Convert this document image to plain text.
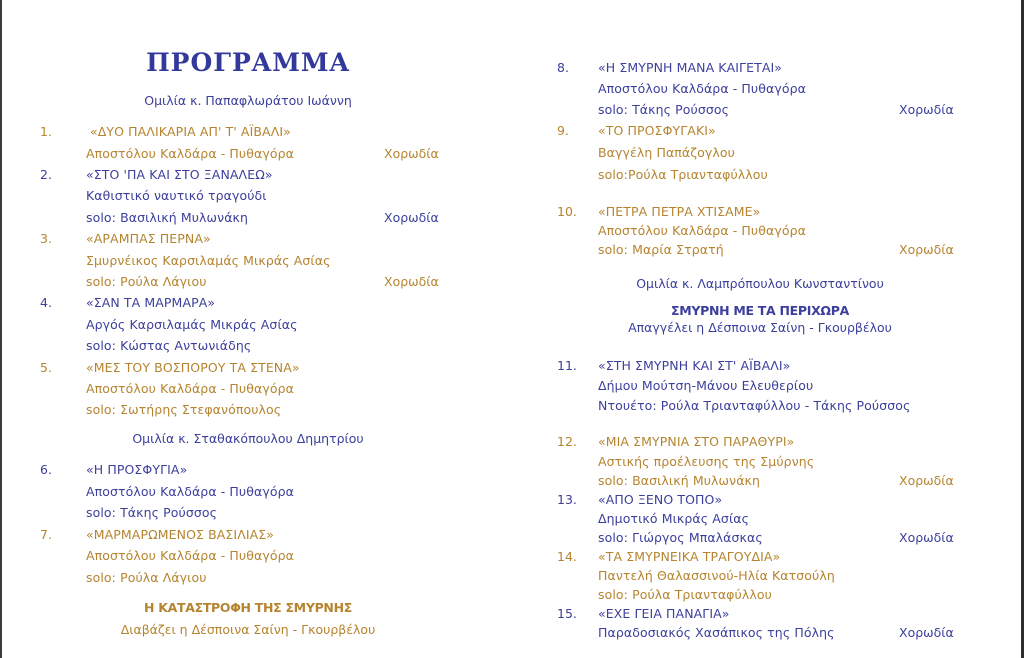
ΠΡΟΓΡΑΜΜΑ
Ομιλία κ. Παπαφλωράτου Ιωάννη
1.	«ΔΥΟ ΠΑΛΙΚΑΡΙΑ ΑΠ' Τ' ΑΪΒΑΛΙ»
Αποστόλου Καλδάρα - Πυθαγόρα	Χορωδία
2.	«ΣΤΟ 'ΠΑ ΚΑΙ ΣΤΟ ΞΑΝΑΛΕΩ»
Καθιστικό ναυτικό τραγούδι
solo: Βασιλική Μυλωνάκη	Χορωδία
3.	«ΑΡΑΜΠΑΣ ΠΕΡΝΑ»
Σμυρνέικος Καρσιλαμάς Μικράς Ασίας
solo: Ρούλα Λάγιου	Χορωδία
4.	«ΣΑΝ ΤΑ ΜΑΡΜΑΡΑ»
Αργός Καρσιλαμάς Μικράς Ασίας
solo: Κώστας Αντωνιάδης
5.	«ΜΕΣ ΤΟΥ ΒΟΣΠΟΡΟΥ ΤΑ ΣΤΕΝΑ»
Αποστόλου Καλδάρα - Πυθαγόρα
solo: Σωτήρης Στεφανόπουλος
Ομιλία κ. Σταθακόπουλου Δημητρίου
6.	«Η ΠΡΟΣΦΥΓΙΑ»
Αποστόλου Καλδάρα - Πυθαγόρα
solo: Τάκης Ρούσσος
7.	«ΜΑΡΜΑΡΩΜΕΝΟΣ ΒΑΣΙΛΙΑΣ»
Αποστόλου Καλδάρα - Πυθαγόρα
solo: Ρούλα Λάγιου
Η ΚΑΤΑΣΤΡΟΦΗ ΤΗΣ ΣΜΥΡΝΗΣ
Διαβάζει η Δέσποινα Σαίνη - Γκουρβέλου
8. «Η ΣΜΥΡΝΗ ΜΑΝΑ ΚΑΙΓΕΤΑΙ»
Αποστόλου Καλδάρα - Πυθαγόρα
solo: Τάκης Ρούσσος	Χορωδία
9. «ΤΟ ΠΡΟΣΦΥΓΑΚΙ»
Βαγγέλη Παπάζογλου
solo:Ρούλα Τριανταφύλλου
10. «ΠΕΤΡΑ ΠΕΤΡΑ ΧΤΙΣΑΜΕ»
Αποστόλου Καλδάρα - Πυθαγόρα
solo: Μαρία Στρατή	Χορωδία
Ομιλία κ. Λαμπρόπουλου Κωνσταντίνου
ΣΜΥΡΝΗ ΜΕ ΤΑ ΠΕΡΙΧΩΡΑ
Απαγγέλει η Δέσποινα Σαίνη - Γκουρβέλου
11. «ΣΤΗ ΣΜΥΡΝΗ ΚΑΙ ΣΤ' ΑΪΒΑΛΙ»
Δήμου Μούτση-Μάνου Ελευθερίου
Ντουέτο: Ρούλα Τριανταφύλλου - Τάκης Ρούσσος
12. «ΜΙΑ ΣΜΥΡΝΙΑ ΣΤΟ ΠΑΡΑΘΥΡΙ»
Αστικής προέλευσης της Σμύρνης
solo: Βασιλική Μυλωνάκη	Χορωδία
13. «ΑΠΟ ΞΕΝΟ ΤΟΠΟ»
Δημοτικό Μικράς Ασίας
solo: Γιώργος Μπαλάσκας	Χορωδία
14. «ΤΑ ΣΜΥΡΝΕΙΚΑ ΤΡΑΓΟΥΔΙΑ»
Παντελή Θαλασσινού-Ηλία Κατσούλη
solo: Ρούλα Τριανταφύλλου
15. «ΕΧΕ ΓΕΙΑ ΠΑΝΑΓΙΑ»
Παραδοσιακός Χασάπικος της Πόλης	Χορωδία
